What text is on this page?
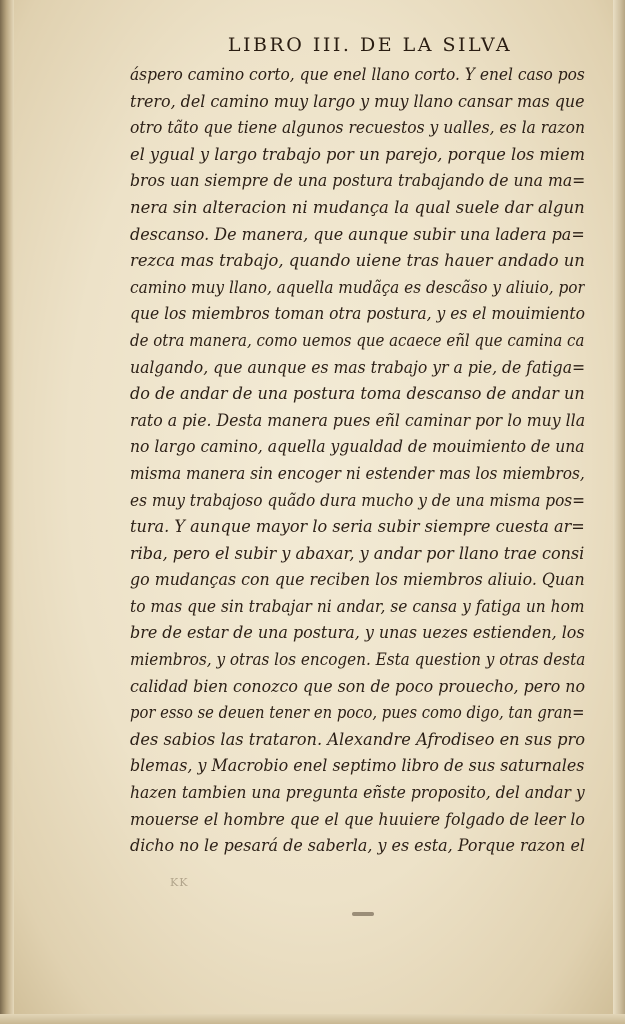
LIBRO III. DE LA SILVA
áspero camino corto, que enel llano corto. Y enel caso pos
trero, del camino muy largo y muy llano cansar mas que
otro tãto que tiene algunos recuestos y ualles, es la razon
el ygual y largo trabajo por un parejo, porque los miem
bros uan siempre de una postura trabajando de una ma=
nera sin alteracion ni mudança la qual suele dar algun
descanso. De manera, que aunque subir una ladera pa=
rezca mas trabajo, quando uiene tras hauer andado un
camino muy llano, aquella mudãça es descãso y aliuio, por
que los miembros toman otra postura, y es el mouimiento
de otra manera, como uemos que acaece eñl que camina ca
ualgando, que aunque es mas trabajo yr a pie, de fatiga=
do de andar de una postura toma descanso de andar un
rato a pie. Desta manera pues eñl caminar por lo muy lla
no largo camino, aquella ygualdad de mouimiento de una
misma manera sin encoger ni estender mas los miembros,
es muy trabajoso quãdo dura mucho y de una misma pos=
tura. Y aunque mayor lo seria subir siempre cuesta ar=
riba, pero el subir y abaxar, y andar por llano trae consi
go mudanças con que reciben los miembros aliuio. Quan
to mas que sin trabajar ni andar, se cansa y fatiga un hom
bre de estar de una postura, y unas uezes estienden, los
miembros, y otras los encogen. Esta question y otras desta
calidad bien conozco que son de poco prouecho, pero no
por esso se deuen tener en poco, pues como digo, tan gran=
des sabios las trataron. Alexandre Afrodiseo en sus pro
blemas, y Macrobio enel septimo libro de sus saturnales
hazen tambien una pregunta eñste proposito, del andar y
mouerse el hombre que el que huuiere folgado de leer lo
dicho no le pesará de saberla, y es esta, Porque razon el
KK
